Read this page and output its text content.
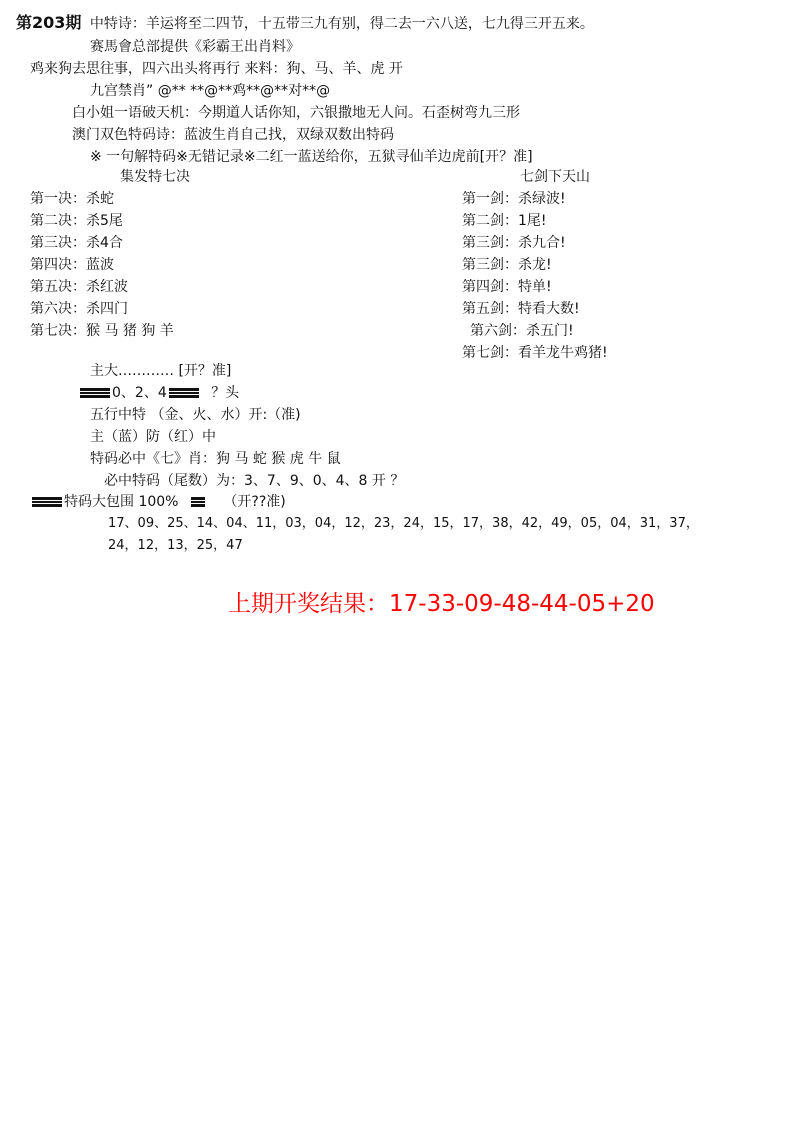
第203期 中特诗：羊运将至二四节，十五带三九有别，得二去一六八送，七九得三开五来。
赛馬會总部提供《彩霸王出肖料》
鸡来狗去思往事，四六出头将再行 来料：狗、马、羊、虎 开
九宫禁肖” @** **@**鸡**@**对**@
白小姐一语破天机：今期道人话你知，六银撒地无人问。石歪树弯九三形
澳门双色特码诗：蓝波生肖自己找，双绿双数出特码
※ 一句解特码※无错记录※二红一蓝送给你，五狱寻仙羊边虎前[开？准]
集发特七决
第一决：杀蛇
第二决：杀5尾
第三决：杀4合
第四决：蓝波
第五决：杀红波
第六决：杀四门
第七决：猴 马 猪 狗 羊
七剑下天山
第一剑：杀绿波!
第二剑：1尾!
第三剑：杀九合!
第三剑：杀龙!
第四剑：特单!
第五剑：特看大数!
第六剑：杀五门!
第七剑：看羊龙牛鸡猪!
主大………… [开？准]
0、2、4	？头
五行中特 （金、火、水）开:（准)
主（蓝）防（红）中
特码必中《七》肖：狗 马 蛇 猴 虎 牛 鼠
必中特码（尾数）为：3、7、9、0、4、8 开 ？
特码大包围 100%	（开??准)
17、09、25、14、04、11，03，04，12，23，24，15，17，38，42，49，05，04，31，37，
24，12，13，25，47
上期开奖结果：17-33-09-48-44-05+20
